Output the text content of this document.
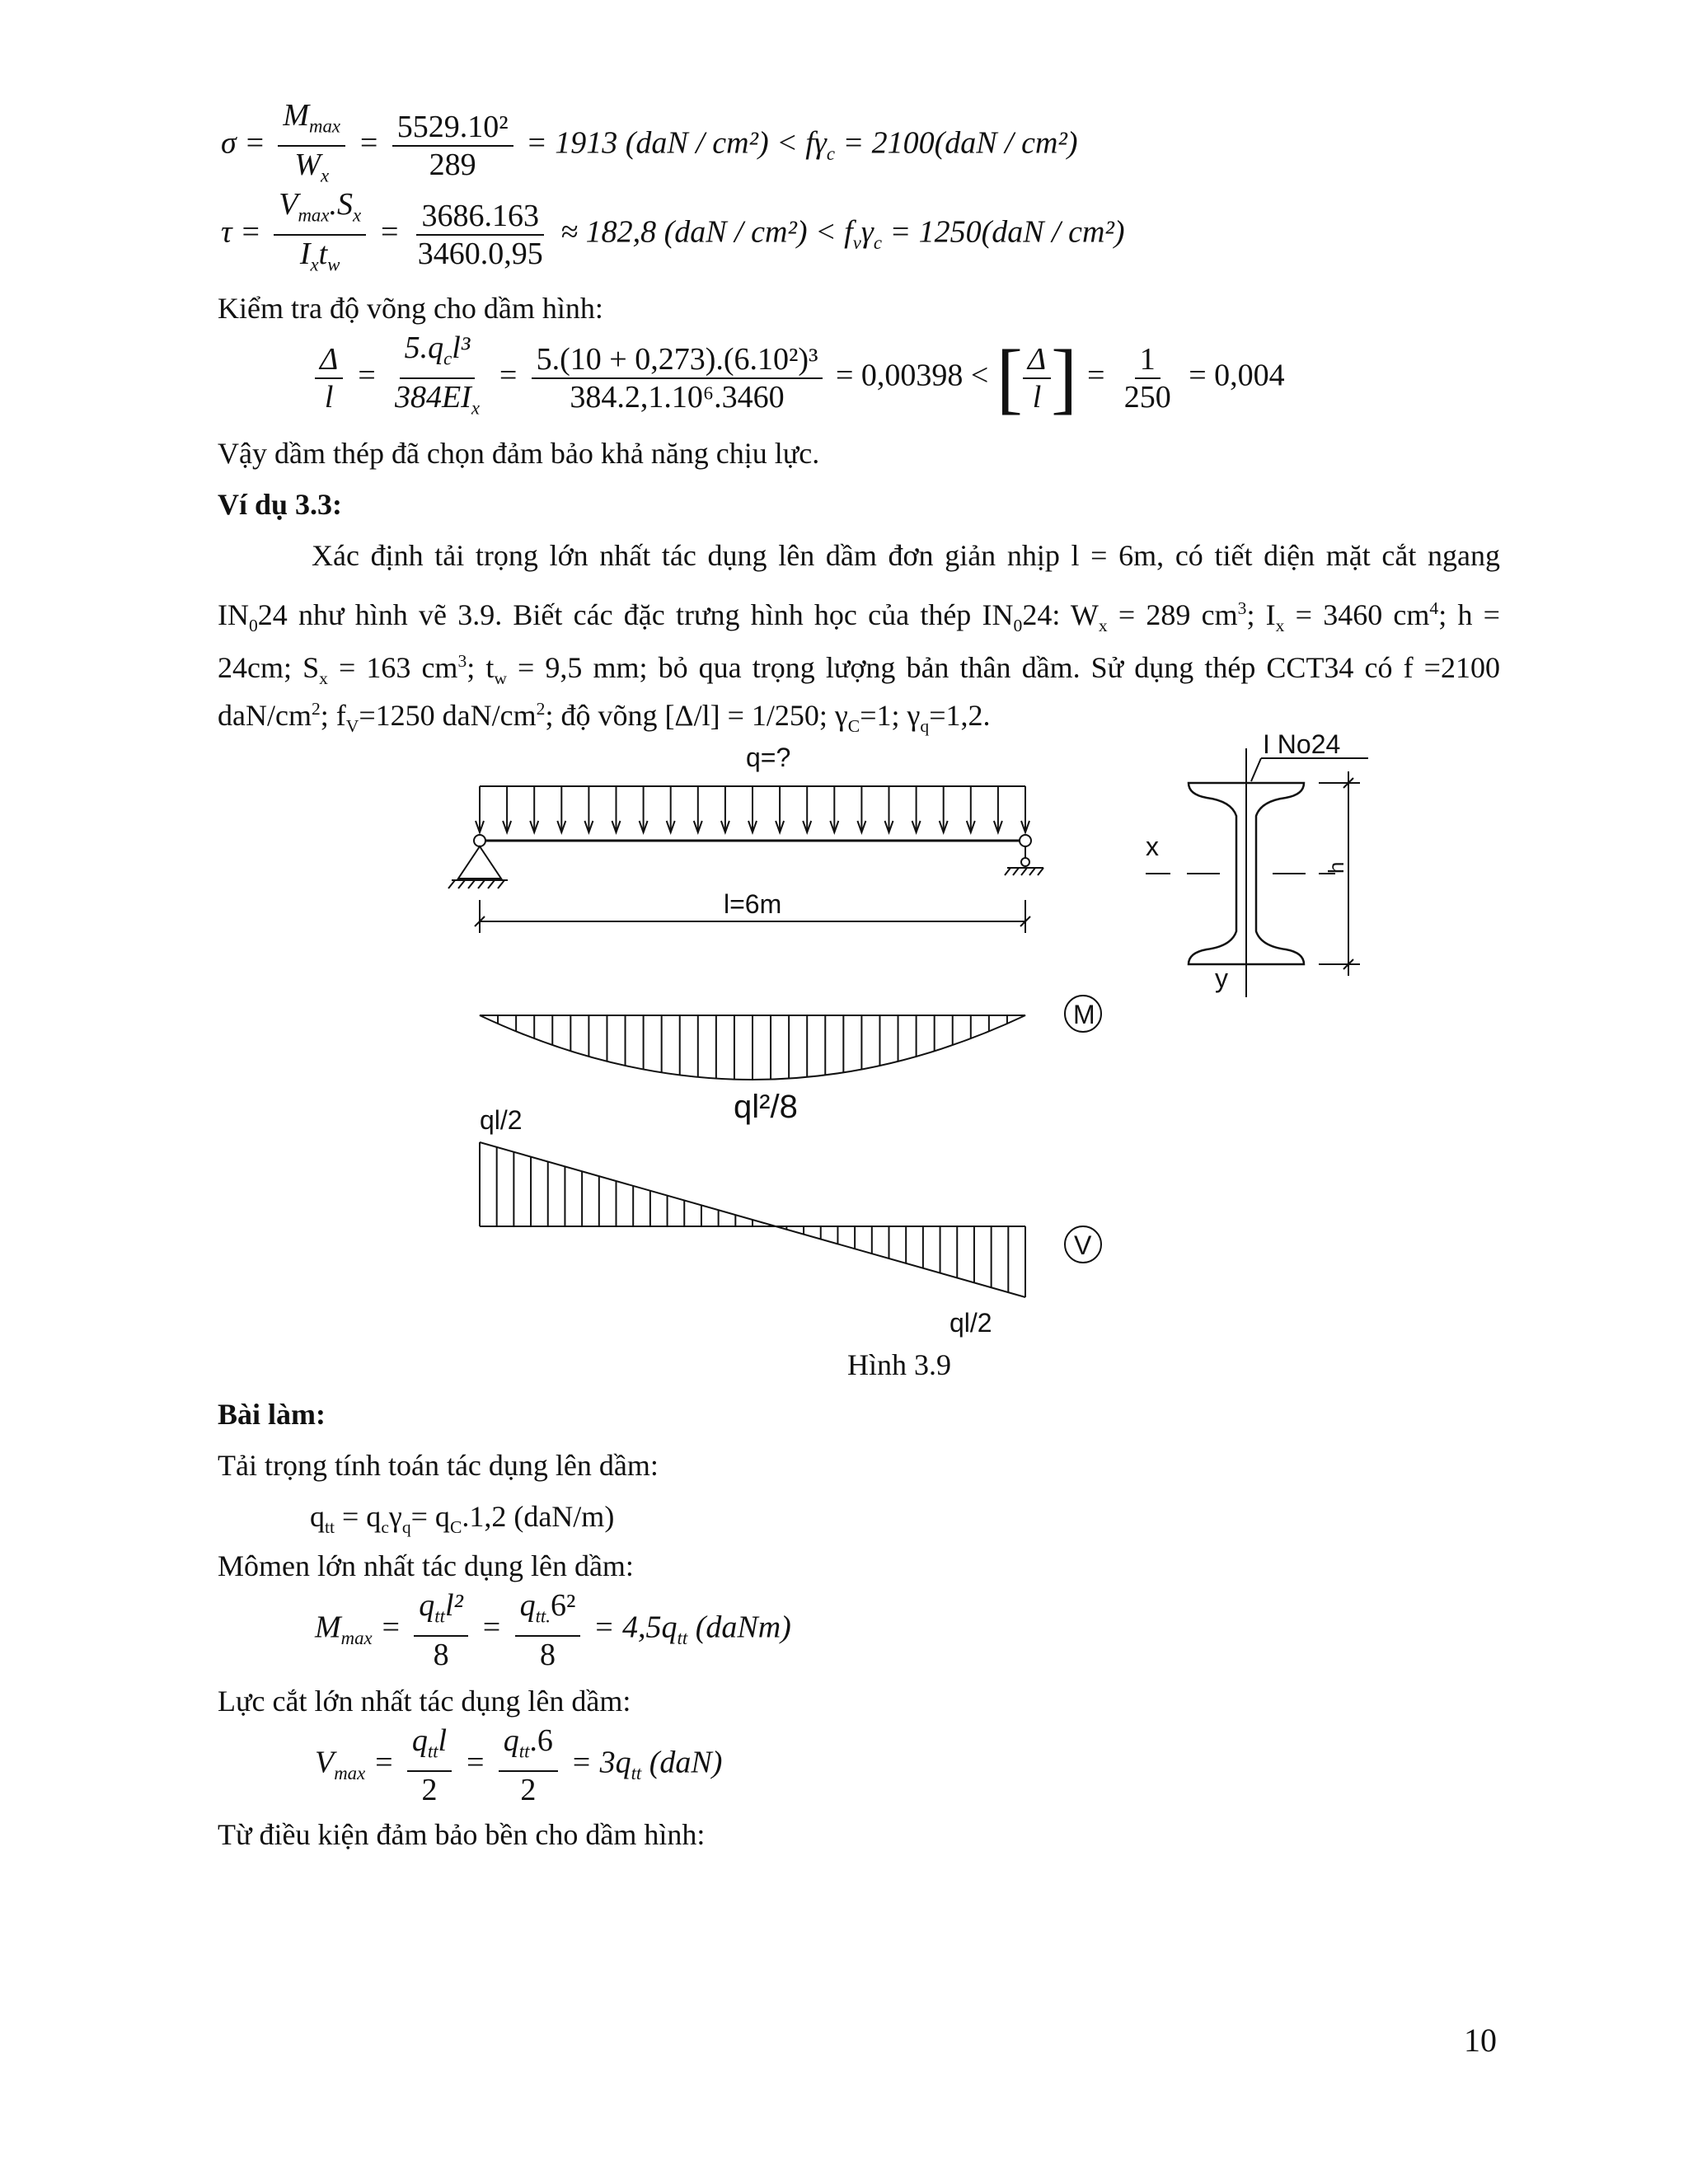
$\sigma = \frac{M_{max}}{W_x} = \frac{\text{5529.10²}}{289} = 1913$ $(daN / cm^2) < f\gamma_c = 2100(daN / cm^2)$
$\tau = \frac{V_{max}.S_x}{I_xt_w} = \frac{3686.163}{3460.0,95} \approx 182,8$ $(daN / cm^2) < f_v\gamma_c = 1250(daN / cm^2)$
Kiểm tra độ võng cho dầm hình:
$\frac{\Delta}{l} = \frac{5.q_cl^3}{384EI_x} = \frac{\text{5.(10 + 0,273).(6.10²)³}}{\text{384.2,1.10⁶.3460}} = 0,00398$ < [ $\frac{\Delta}{l}$ ] = $\frac{1}{250} = 0,004$
Vậy dầm thép đã chọn đảm bảo khả năng chịu lực.
Ví dụ 3.3:
Xác định tải trọng lớn nhất tác dụng lên dầm đơn giản nhịp l = 6m, có tiết diện mặt cắt ngang
$IN_024$ như hình vẽ 3.9. Biết các đặc trưng hình học của thép $IN_024$: $W_x = 289$ $cm^3$; $I_x = 3460$ $cm^4$; h =
24cm; $S_x = 163$ $cm^3$; $t_w = 9,5$ mm; bỏ qua trọng lượng bản thân dầm. Sử dụng thép CCT34 có f =2100
daN/$cm^2$; $f_V=1250$ daN/$cm^2$; độ võng [Δ/l] = 1/250; $\gamma_C=1$; $\gamma_q=1,2$.
q=?
l=6m
I No24
x
y
h
ql²/8
M
ql/2
ql/2
V
Hình 3.9
Bài làm:
Tải trọng tính toán tác dụng lên dầm:
$q_{tt} = q_c\gamma_q= q_C.1,2$ (daN/m)
Mômen lớn nhất tác dụng lên dầm:
$M_{max} = \frac{q_{tt}l^2}{8} = \frac{q_{tt.}6^2}{8} = 4,5q_{tt}$ (daNm)
Lực cắt lớn nhất tác dụng lên dầm:
$V_{max} = \frac{q_{tt}l}{2} = \frac{q_{tt}.6}{2} = 3q_{tt}$ (daN)
Từ điều kiện đảm bảo bền cho dầm hình:
10
